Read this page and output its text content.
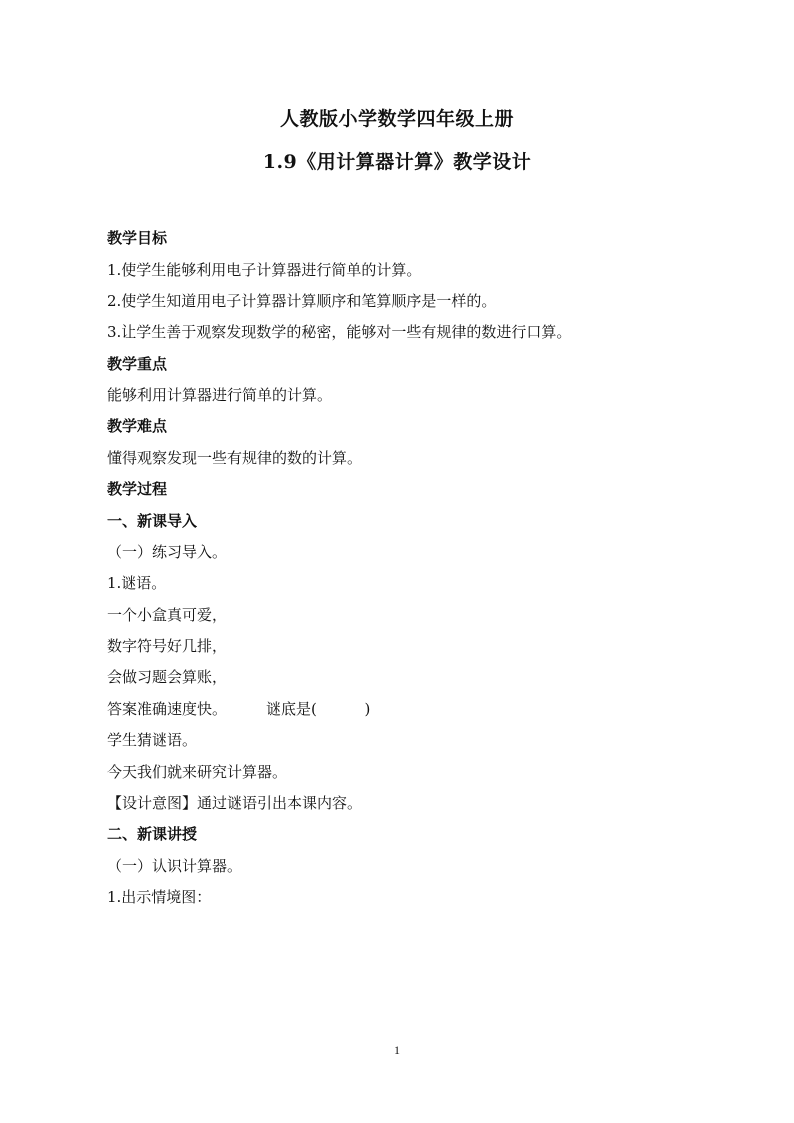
人教版小学数学四年级上册
1.9《用计算器计算》教学设计
教学目标
1.使学生能够利用电子计算器进行简单的计算。
2.使学生知道用电子计算器计算顺序和笔算顺序是一样的。
3.让学生善于观察发现数学的秘密，能够对一些有规律的数进行口算。
教学重点
能够利用计算器进行简单的计算。
教学难点
懂得观察发现一些有规律的数的计算。
教学过程
一、新课导入
（一）练习导入。
1.谜语。
一个小盒真可爱，
数字符号好几排，
会做习题会算账，
答案准确速度快。	谜底是(          )
学生猜谜语。
今天我们就来研究计算器。
【设计意图】通过谜语引出本课内容。
二、新课讲授
（一）认识计算器。
1.出示情境图：
1
